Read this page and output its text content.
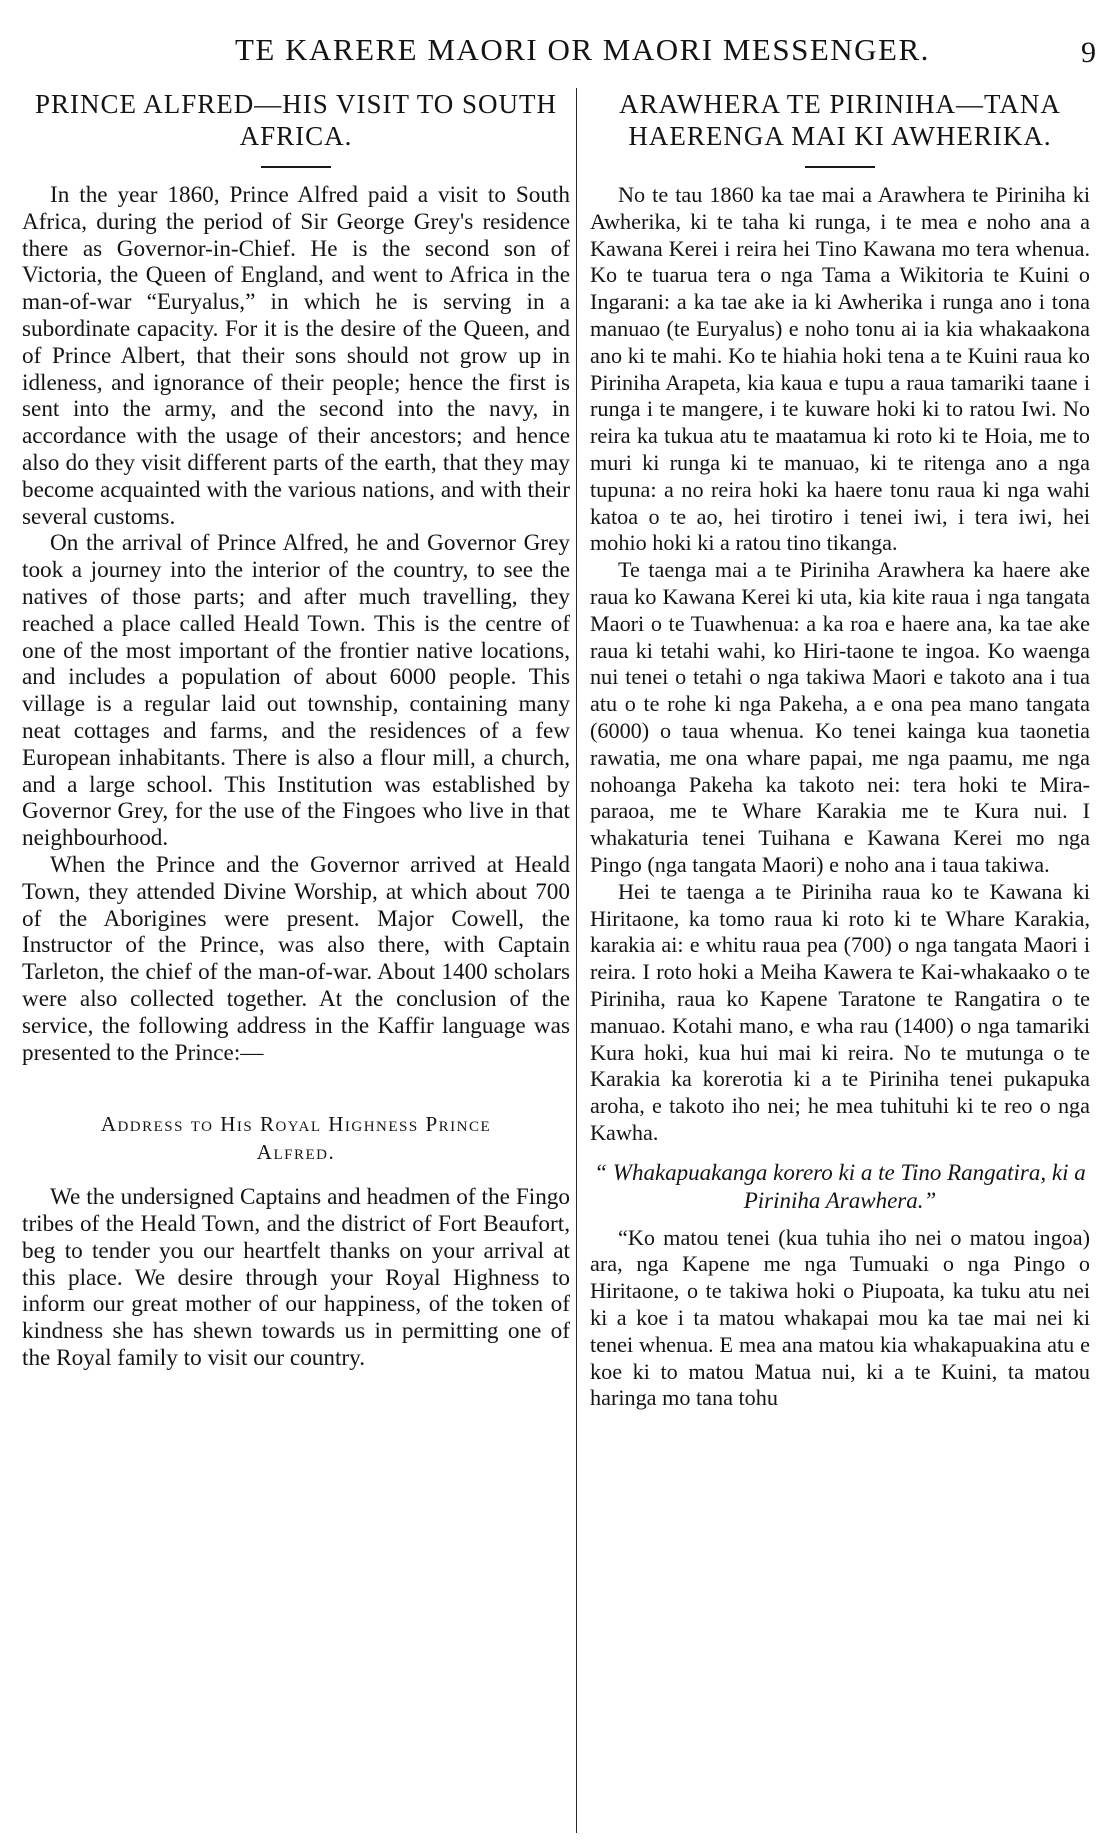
TE KARERE MAORI OR MAORI MESSENGER.	9
PRINCE ALFRED—HIS VISIT TO SOUTH
AFRICA.

In the year 1860, Prince Alfred paid a visit to South Africa, during the period of Sir George Grey's residence there as Governor-in-Chief. He is the second son of Victoria, the Queen of England, and went to Africa in the man-of-war “Euryalus,” in which he is serving in a subordinate capacity. For it is the desire of the Queen, and of Prince Albert, that their sons should not grow up in idleness, and ignorance of their people; hence the first is sent into the army, and the second into the navy, in accordance with the usage of their ancestors; and hence also do they visit different parts of the earth, that they may become acquainted with the various nations, and with their several customs.

On the arrival of Prince Alfred, he and Governor Grey took a journey into the interior of the country, to see the natives of those parts; and after much travelling, they reached a place called Heald Town. This is the centre of one of the most important of the frontier native locations, and includes a population of about 6000 people. This village is a regular laid out township, containing many neat cottages and farms, and the residences of a few European inhabitants. There is also a flour mill, a church, and a large school. This Institution was established by Governor Grey, for the use of the Fingoes who live in that neighbourhood.

When the Prince and the Governor arrived at Heald Town, they attended Divine Worship, at which about 700 of the Aborigines were present. Major Cowell, the Instructor of the Prince, was also there, with Captain Tarleton, the chief of the man-of-war. About 1400 scholars were also collected together. At the conclusion of the service, the following address in the Kaffir language was presented to the Prince:—

Address to His Royal Highness Prince
Alfred.

We the undersigned Captains and headmen of the Fingo tribes of the Heald Town, and the district of Fort Beaufort, beg to tender you our heartfelt thanks on your arrival at this place. We desire through your Royal Highness to inform our great mother of our happiness, of the token of kindness she has shewn towards us in permitting one of the Royal family to visit our country.

ARAWHERA TE PIRINIHA—TANA
HAERENGA MAI KI AWHERIKA.

No te tau 1860 ka tae mai a Arawhera te Piriniha ki Awherika, ki te taha ki runga, i te mea e noho ana a Kawana Kerei i reira hei Tino Kawana mo tera whenua. Ko te tuarua tera o nga Tama a Wikitoria te Kuini o Ingarani: a ka tae ake ia ki Awherika i runga ano i tona manuao (te Euryalus) e noho tonu ai ia kia whakaakona ano ki te mahi. Ko te hiahia hoki tena a te Kuini raua ko Piriniha Arapeta, kia kaua e tupu a raua tamariki taane i runga i te mangere, i te kuware hoki ki to ratou Iwi. No reira ka tukua atu te maatamua ki roto ki te Hoia, me to muri ki runga ki te manuao, ki te ritenga ano a nga tupuna: a no reira hoki ka haere tonu raua ki nga wahi katoa o te ao, hei tirotiro i tenei iwi, i tera iwi, hei mohio hoki ki a ratou tino tikanga.

Te taenga mai a te Piriniha Arawhera ka haere ake raua ko Kawana Kerei ki uta, kia kite raua i nga tangata Maori o te Tuawhenua: a ka roa e haere ana, ka tae ake raua ki tetahi wahi, ko Hiri-taone te ingoa. Ko waenga nui tenei o tetahi o nga takiwa Maori e takoto ana i tua atu o te rohe ki nga Pakeha, a e ona pea mano tangata (6000) o taua whenua. Ko tenei kainga kua taonetia rawatia, me ona whare papai, me nga paamu, me nga nohoanga Pakeha ka takoto nei: tera hoki te Mira-paraoa, me te Whare Karakia me te Kura nui. I whakaturia tenei Tuihana e Kawana Kerei mo nga Pingo (nga tangata Maori) e noho ana i taua takiwa.

Hei te taenga a te Piriniha raua ko te Kawana ki Hiritaone, ka tomo raua ki roto ki te Whare Karakia, karakia ai: e whitu raua pea (700) o nga tangata Maori i reira. I roto hoki a Meiha Kawera te Kai-whakaako o te Piriniha, raua ko Kapene Taratone te Rangatira o te manuao. Kotahi mano, e wha rau (1400) o nga tamariki Kura hoki, kua hui mai ki reira. No te mutunga o te Karakia ka korerotia ki a te Piriniha tenei pukapuka aroha, e takoto iho nei; he mea tuhituhi ki te reo o nga Kawha.

“ Whakapuakanga korero ki a te Tino Rangatira, ki a Piriniha Arawhera.”

“Ko matou tenei (kua tuhia iho nei o matou ingoa) ara, nga Kapene me nga Tumuaki o nga Pingo o Hiritaone, o te takiwa hoki o Piupoata, ka tuku atu nei ki a koe i ta matou whakapai mou ka tae mai nei ki tenei whenua. E mea ana matou kia whakapuakina atu e koe ki to matou Matua nui, ki a te Kuini, ta matou haringa mo tana tohu
